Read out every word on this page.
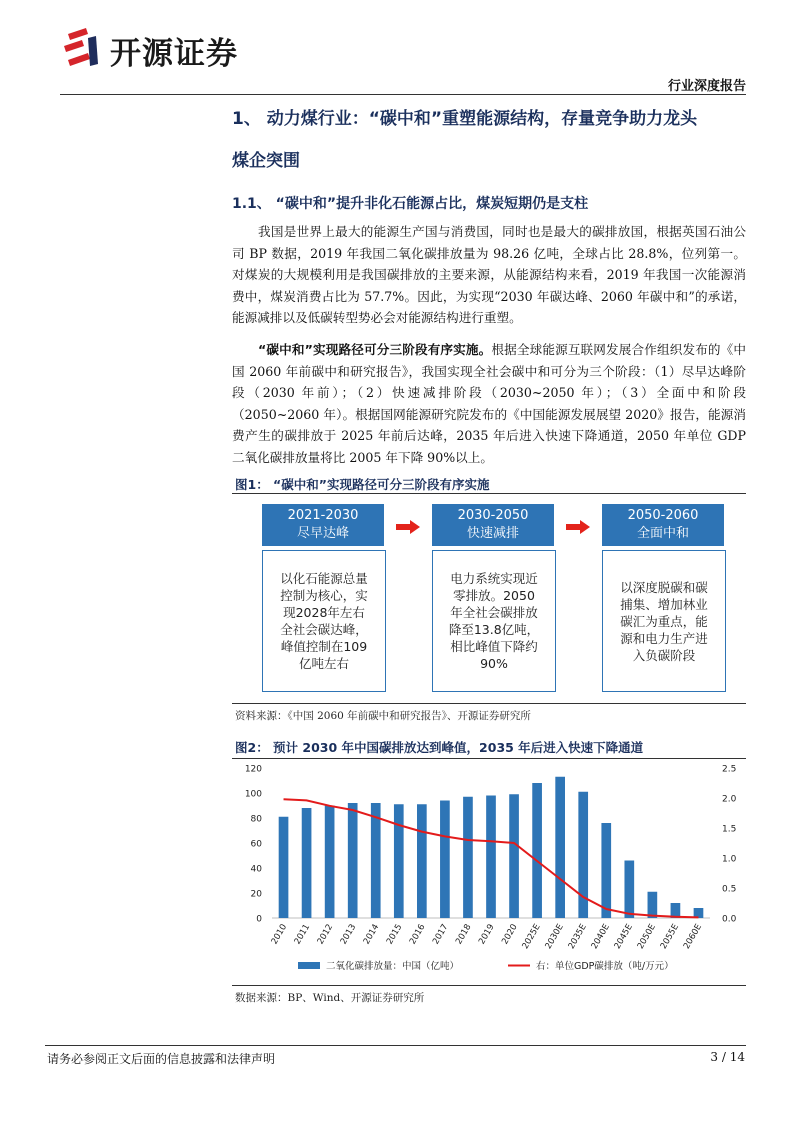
开源证券
行业深度报告
1、 动力煤行业：“碳中和”重塑能源结构，存量竞争助力龙头
煤企突围
1.1、 “碳中和”提升非化石能源占比，煤炭短期仍是支柱
我国是世界上最大的能源生产国与消费国，同时也是最大的碳排放国，根据英国石油公司 BP 数据，2019 年我国二氧化碳排放量为 98.26 亿吨，全球占比 28.8%，位列第一。对煤炭的大规模利用是我国碳排放的主要来源，从能源结构来看，2019 年我国一次能源消费中，煤炭消费占比为 57.7%。因此，为实现“2030 年碳达峰、2060 年碳中和”的承诺，能源减排以及低碳转型势必会对能源结构进行重塑。
“碳中和”实现路径可分三阶段有序实施。根据全球能源互联网发展合作组织发布的《中国 2060 年前碳中和研究报告》，我国实现全社会碳中和可分为三个阶段：（1）尽早达峰阶段（2030 年前）；（2）快速减排阶段（2030~2050 年）；（3）全面中和阶段（2050~2060 年）。根据国网能源研究院发布的《中国能源发展展望 2020》报告，能源消费产生的碳排放于 2025 年前后达峰，2035 年后进入快速下降通道，2050 年单位 GDP 二氧化碳排放量将比 2005 年下降 90%以上。
图1： “碳中和”实现路径可分三阶段有序实施
2021-2030
尽早达峰
2030-2050
快速减排
2050-2060
全面中和
以化石能源总量控制为核心，实现2028年左右全社会碳达峰，峰值控制在109亿吨左右
电力系统实现近零排放。2050年全社会碳排放降至13.8亿吨，相比峰值下降约90%
以深度脱碳和碳捕集、增加林业碳汇为重点，能源和电力生产进入负碳阶段
资料来源：《中国 2060 年前碳中和研究报告》、开源证券研究所
图2： 预计 2030 年中国碳排放达到峰值，2035 年后进入快速下降通道
0
20
40
60
80
100
120
0.0
0.5
1.0
1.5
2.0
2.5
2010 2011 2012 2013 2014 2015 2016 2017 2018 2019 2020 2025E 2030E 2035E 2040E 2045E 2050E 2055E 2060E
二氧化碳排放量：中国（亿吨）	右：单位GDP碳排放（吨/万元）
数据来源：BP、Wind、开源证券研究所
请务必参阅正文后面的信息披露和法律声明	3 / 14
